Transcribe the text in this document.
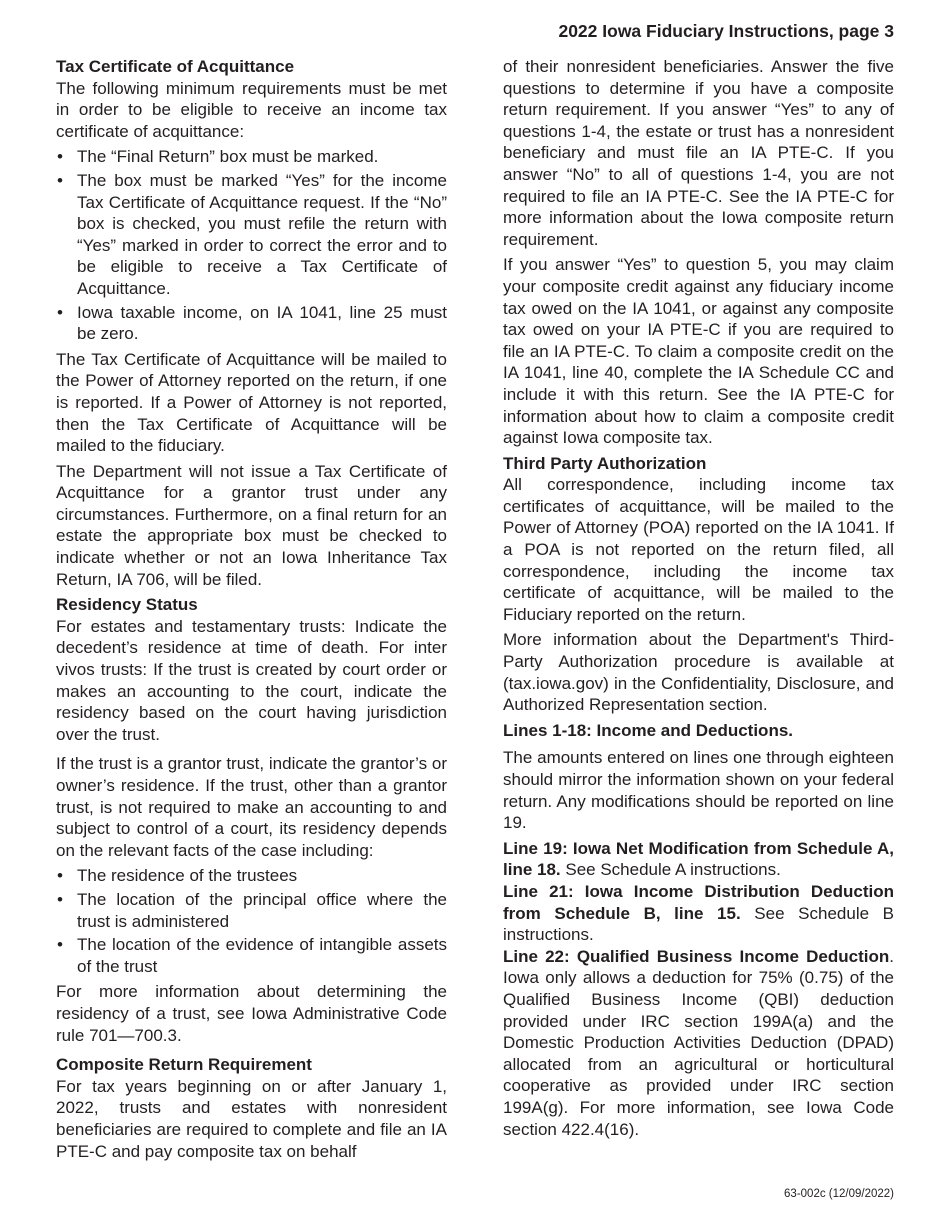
2022 Iowa Fiduciary Instructions, page 3
Tax Certificate of Acquittance

The following minimum requirements must be met in order to be eligible to receive an income tax certificate of acquittance:

• The “Final Return” box must be marked.
• The box must be marked “Yes” for the income Tax Certificate of Acquittance request. If the “No” box is checked, you must refile the return with “Yes” marked in order to correct the error and to be eligible to receive a Tax Certificate of Acquittance.
• Iowa taxable income, on IA 1041, line 25 must be zero.

The Tax Certificate of Acquittance will be mailed to the Power of Attorney reported on the return, if one is reported. If a Power of Attorney is not reported, then the Tax Certificate of Acquittance will be mailed to the fiduciary.

The Department will not issue a Tax Certificate of Acquittance for a grantor trust under any circumstances. Furthermore, on a final return for an estate the appropriate box must be checked to indicate whether or not an Iowa Inheritance Tax Return, IA 706, will be filed.

Residency Status

For estates and testamentary trusts: Indicate the decedent’s residence at time of death. For inter vivos trusts: If the trust is created by court order or makes an accounting to the court, indicate the residency based on the court having jurisdiction over the trust.

If the trust is a grantor trust, indicate the grantor’s or owner’s residence. If the trust, other than a grantor trust, is not required to make an accounting to and subject to control of a court, its residency depends on the relevant facts of the case including:

• The residence of the trustees
• The location of the principal office where the trust is administered
• The location of the evidence of intangible assets of the trust

For more information about determining the residency of a trust, see Iowa Administrative Code rule 701—700.3.

Composite Return Requirement

For tax years beginning on or after January 1, 2022, trusts and estates with nonresident beneficiaries are required to complete and file an IA PTE-C and pay composite tax on behalf

of their nonresident beneficiaries. Answer the five questions to determine if you have a composite return requirement. If you answer “Yes” to any of questions 1-4, the estate or trust has a nonresident beneficiary and must file an IA PTE-C. If you answer “No” to all of questions 1-4, you are not required to file an IA PTE-C. See the IA PTE-C for more information about the Iowa composite return requirement.

If you answer “Yes” to question 5, you may claim your composite credit against any fiduciary income tax owed on the IA 1041, or against any composite tax owed on your IA PTE-C if you are required to file an IA PTE-C. To claim a composite credit on the IA 1041, line 40, complete the IA Schedule CC and include it with this return. See the IA PTE-C for information about how to claim a composite credit against Iowa composite tax.

Third Party Authorization

All correspondence, including income tax certificates of acquittance, will be mailed to the Power of Attorney (POA) reported on the IA 1041. If a POA is not reported on the return filed, all correspondence, including the income tax certificate of acquittance, will be mailed to the Fiduciary reported on the return.

More information about the Department's Third-Party Authorization procedure is available at (tax.iowa.gov) in the Confidentiality, Disclosure, and Authorized Representation section.

Lines 1-18: Income and Deductions.

The amounts entered on lines one through eighteen should mirror the information shown on your federal return. Any modifications should be reported on line 19.

Line 19: Iowa Net Modification from Schedule A, line 18. See Schedule A instructions.

Line 21: Iowa Income Distribution Deduction from Schedule B, line 15. See Schedule B instructions.

Line 22: Qualified Business Income Deduction. Iowa only allows a deduction for 75% (0.75) of the Qualified Business Income (QBI) deduction provided under IRC section 199A(a) and the Domestic Production Activities Deduction (DPAD) allocated from an agricultural or horticultural cooperative as provided under IRC section 199A(g). For more information, see Iowa Code section 422.4(16).

63-002c (12/09/2022)
